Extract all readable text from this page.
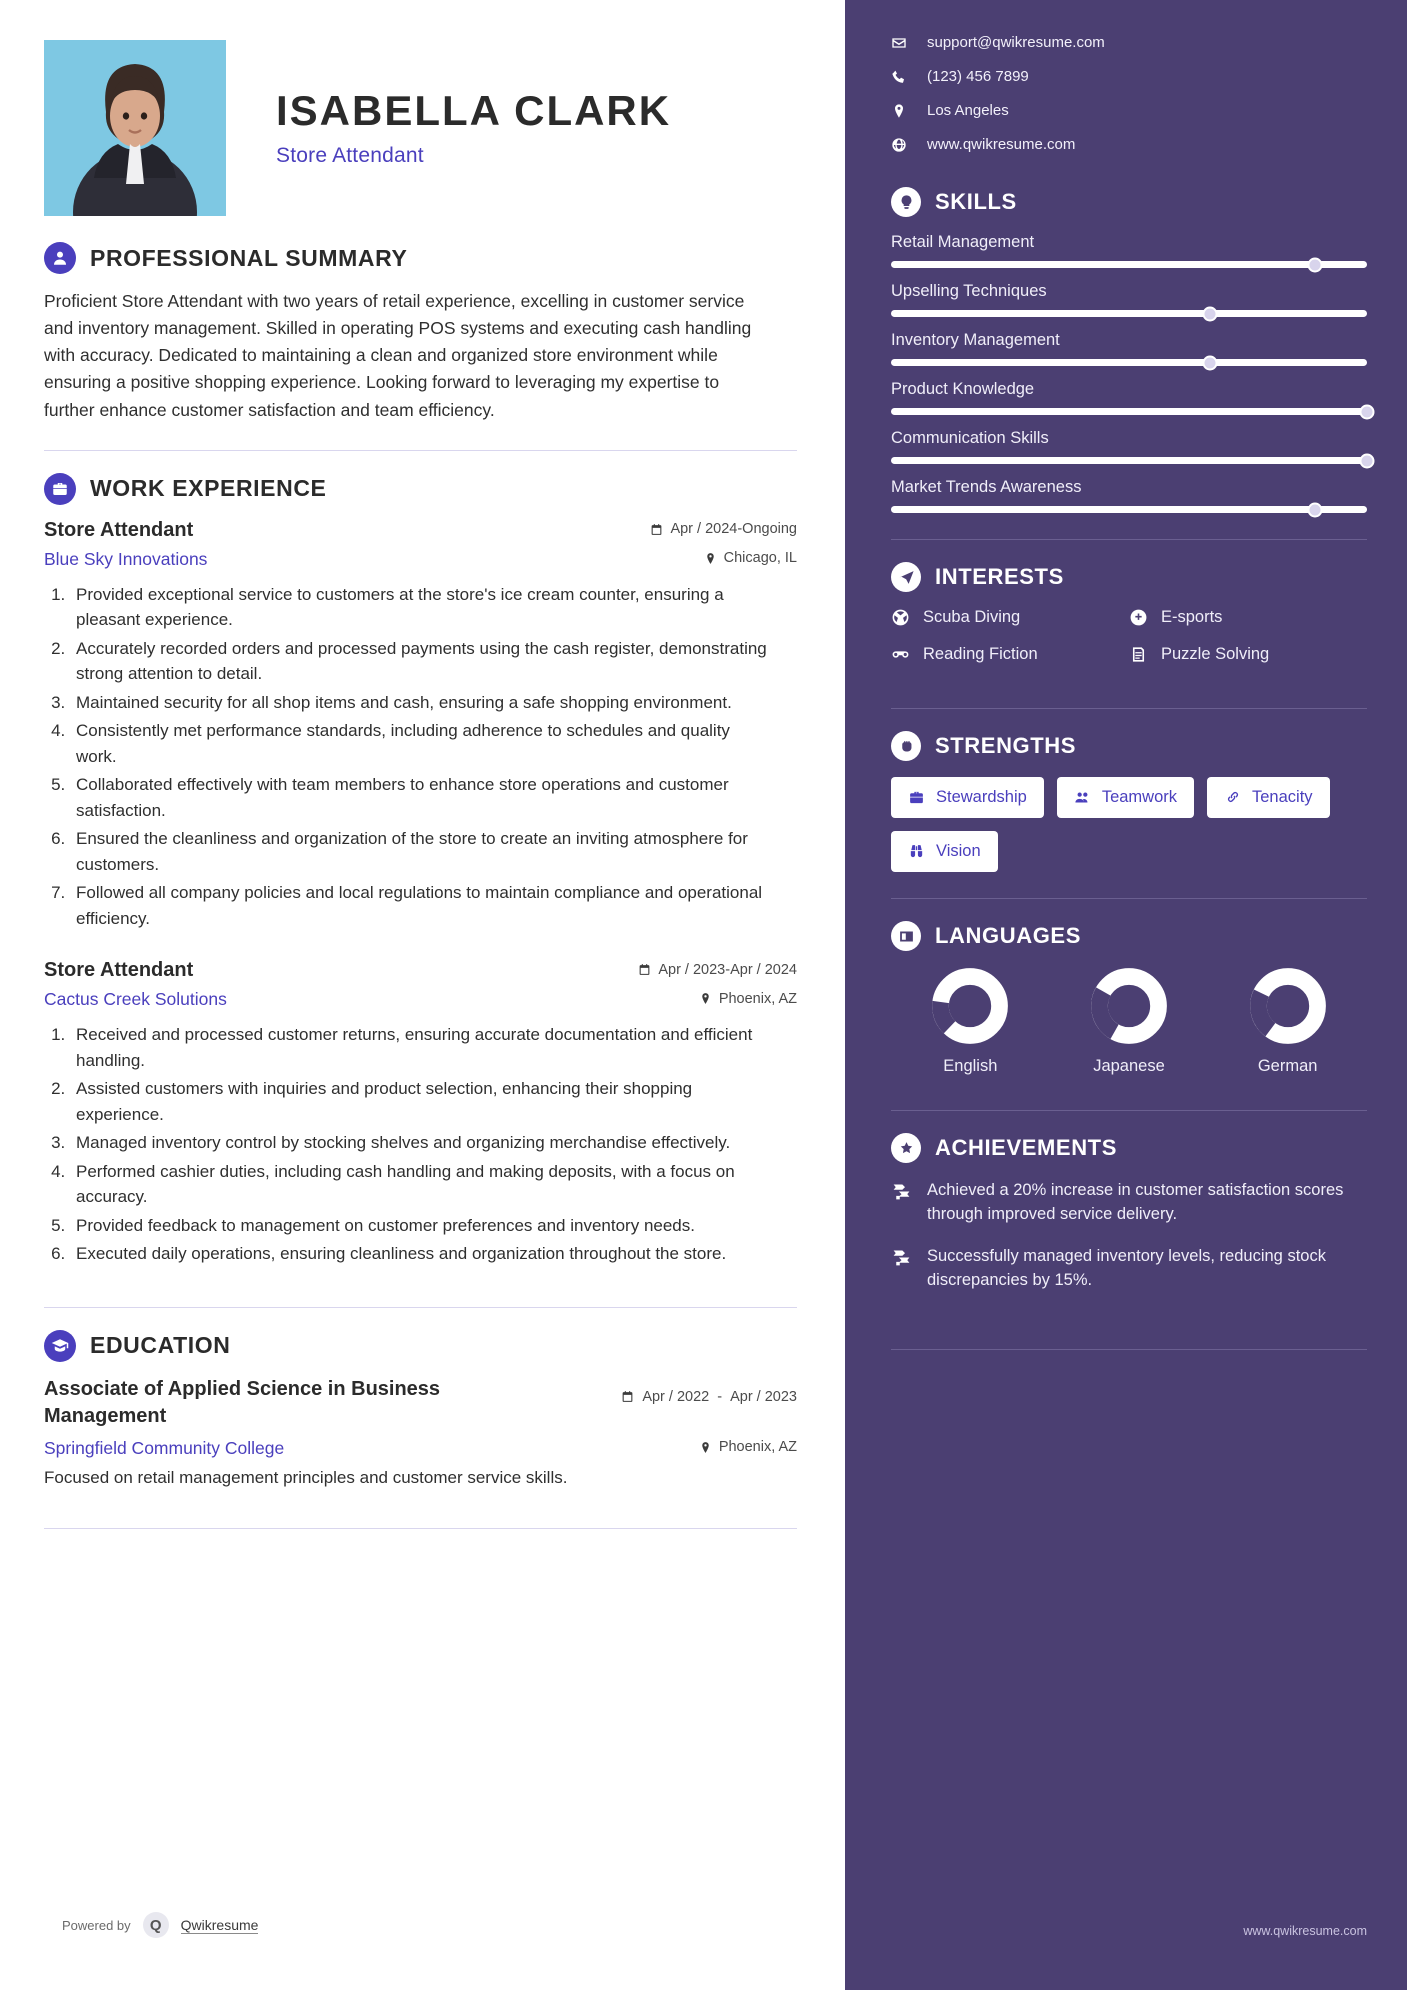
ISABELLA CLARK
Store Attendant
PROFESSIONAL SUMMARY
Proficient Store Attendant with two years of retail experience, excelling in customer service and inventory management. Skilled in operating POS systems and executing cash handling with accuracy. Dedicated to maintaining a clean and organized store environment while ensuring a positive shopping experience. Looking forward to leveraging my expertise to further enhance customer satisfaction and team efficiency.
WORK EXPERIENCE
Store Attendant	Apr / 2024-Ongoing
Blue Sky Innovations	Chicago, IL
1. Provided exceptional service to customers at the store's ice cream counter, ensuring a pleasant experience.
2. Accurately recorded orders and processed payments using the cash register, demonstrating strong attention to detail.
3. Maintained security for all shop items and cash, ensuring a safe shopping environment.
4. Consistently met performance standards, including adherence to schedules and quality work.
5. Collaborated effectively with team members to enhance store operations and customer satisfaction.
6. Ensured the cleanliness and organization of the store to create an inviting atmosphere for customers.
7. Followed all company policies and local regulations to maintain compliance and operational efficiency.
Store Attendant	Apr / 2023-Apr / 2024
Cactus Creek Solutions	Phoenix, AZ
1. Received and processed customer returns, ensuring accurate documentation and efficient handling.
2. Assisted customers with inquiries and product selection, enhancing their shopping experience.
3. Managed inventory control by stocking shelves and organizing merchandise effectively.
4. Performed cashier duties, including cash handling and making deposits, with a focus on accuracy.
5. Provided feedback to management on customer preferences and inventory needs.
6. Executed daily operations, ensuring cleanliness and organization throughout the store.
EDUCATION
Associate of Applied Science in Business Management
Apr / 2022 - Apr / 2023
Springfield Community College	Phoenix, AZ
Focused on retail management principles and customer service skills.
Powered by Q Qwikresume
support@qwikresume.com
(123) 456 7899
Los Angeles
www.qwikresume.com
SKILLS
Retail Management
Upselling Techniques
Inventory Management
Product Knowledge
Communication Skills
Market Trends Awareness
INTERESTS
Scuba Diving	E-sports
Reading Fiction	Puzzle Solving
STRENGTHS
Stewardship	Teamwork	Tenacity
Vision
LANGUAGES
English	Japanese	German
ACHIEVEMENTS
Achieved a 20% increase in customer satisfaction scores through improved service delivery.
Successfully managed inventory levels, reducing stock discrepancies by 15%.
www.qwikresume.com
